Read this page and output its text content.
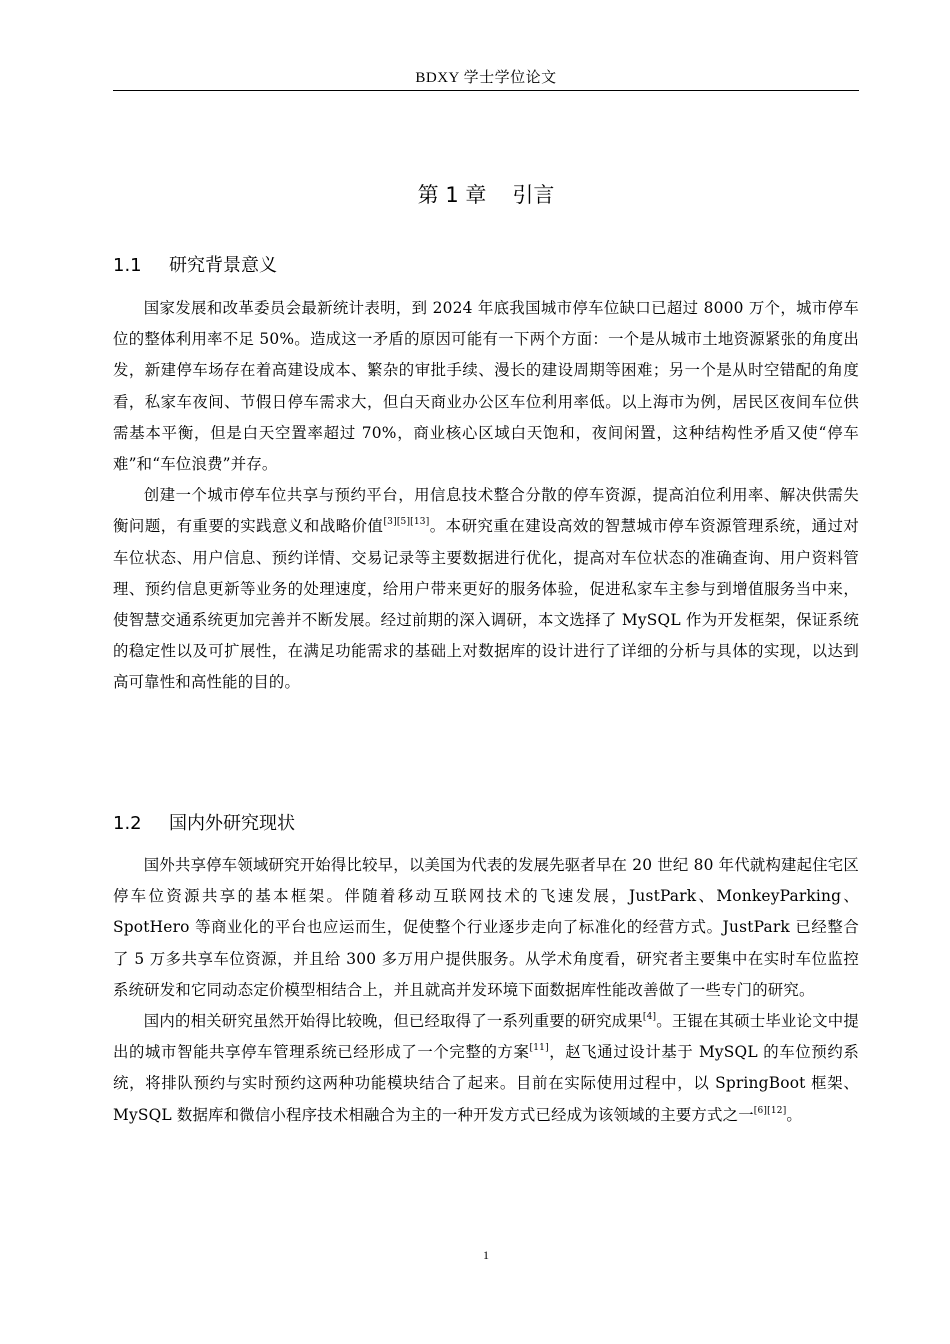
BDXY 学士学位论文
第 1 章 引言
1.1 研究背景意义

国家发展和改革委员会最新统计表明，到 2024 年底我国城市停车位缺口已超过 8000 万个，城市停车位的整体利用率不足 50%。造成这一矛盾的原因可能有一下两个方面：一个是从城市土地资源紧张的角度出发，新建停车场存在着高建设成本、繁杂的审批手续、漫长的建设周期等困难；另一个是从时空错配的角度看，私家车夜间、节假日停车需求大，但白天商业办公区车位利用率低。以上海市为例，居民区夜间车位供需基本平衡，但是白天空置率超过 70%，商业核心区域白天饱和，夜间闲置，这种结构性矛盾又使“停车难”和“车位浪费”并存。

创建一个城市停车位共享与预约平台，用信息技术整合分散的停车资源，提高泊位利用率、解决供需失衡问题，有重要的实践意义和战略价值[3][5][13]。本研究重在建设高效的智慧城市停车资源管理系统，通过对车位状态、用户信息、预约详情、交易记录等主要数据进行优化，提高对车位状态的准确查询、用户资料管理、预约信息更新等业务的处理速度，给用户带来更好的服务体验，促进私家车主参与到增值服务当中来，使智慧交通系统更加完善并不断发展。经过前期的深入调研，本文选择了 MySQL 作为开发框架，保证系统的稳定性以及可扩展性，在满足功能需求的基础上对数据库的设计进行了详细的分析与具体的实现，以达到高可靠性和高性能的目的。

1.2 国内外研究现状

国外共享停车领域研究开始得比较早，以美国为代表的发展先驱者早在 20 世纪 80 年代就构建起住宅区停车位资源共享的基本框架。伴随着移动互联网技术的飞速发展，JustPark、MonkeyParking、SpotHero 等商业化的平台也应运而生，促使整个行业逐步走向了标准化的经营方式。JustPark 已经整合了 5 万多共享车位资源，并且给 300 多万用户提供服务。从学术角度看，研究者主要集中在实时车位监控系统研发和它同动态定价模型相结合上，并且就高并发环境下面数据库性能改善做了一些专门的研究。

国内的相关研究虽然开始得比较晚，但已经取得了一系列重要的研究成果[4]。王锟在其硕士毕业论文中提出的城市智能共享停车管理系统已经形成了一个完整的方案[11]，赵飞通过设计基于 MySQL 的车位预约系统，将排队预约与实时预约这两种功能模块结合了起来。目前在实际使用过程中，以 SpringBoot 框架、MySQL 数据库和微信小程序技术相融合为主的一种开发方式已经成为该领域的主要方式之一[6][12]。

1
